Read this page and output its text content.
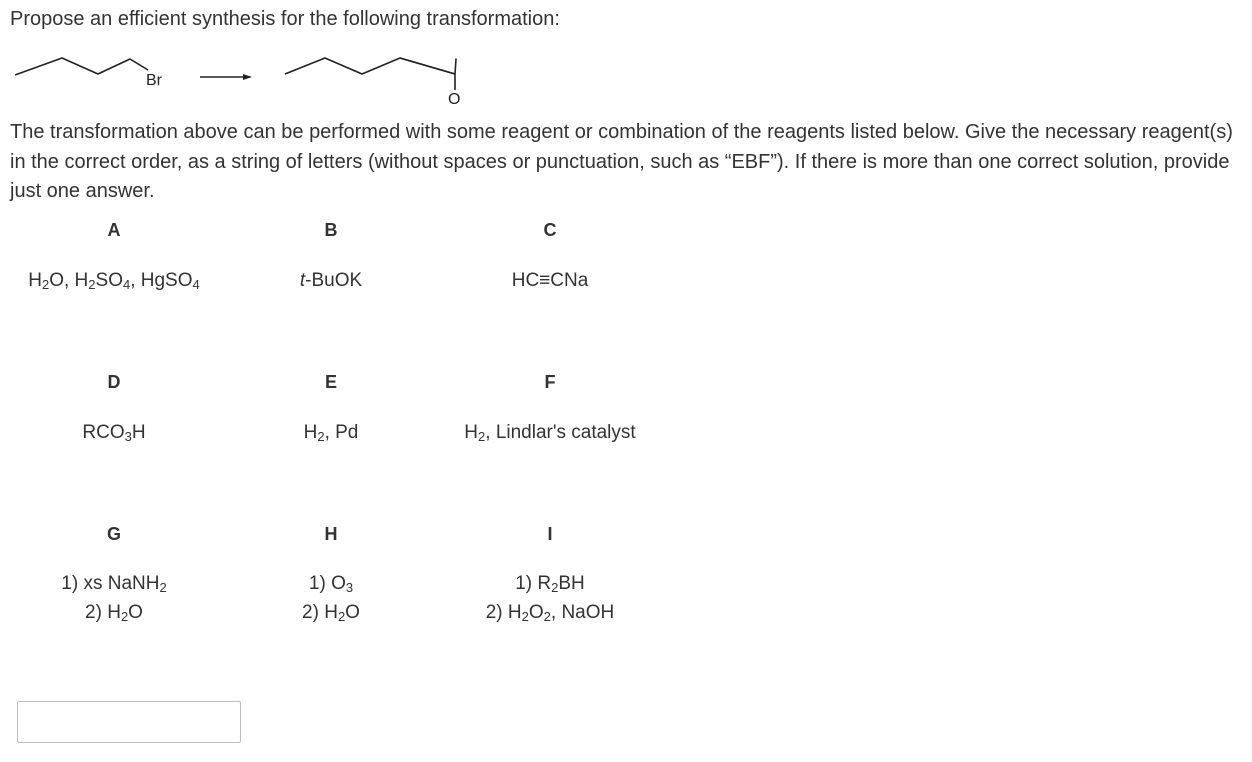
Propose an efficient synthesis for the following transformation:
Br
O
The transformation above can be performed with some reagent or combination of the reagents listed below. Give the necessary reagent(s) in the correct order, as a string of letters (without spaces or punctuation, such as “EBF”). If there is more than one correct solution, provide just one answer.
A
$H_2O$, $H_2SO_4$, HgSO$_4$
B
t-BuOK
C
HC≡CNa
D
$RCO_3H$
E
$H_2$, Pd
F
$H_2$, Lindlar's catalyst
G
1) xs NaNH$_2$
2) $H_2O$
H
1) $O_3$
2) $H_2O$
I
1) $R_2BH$
2) $H_2O_2$, NaOH
